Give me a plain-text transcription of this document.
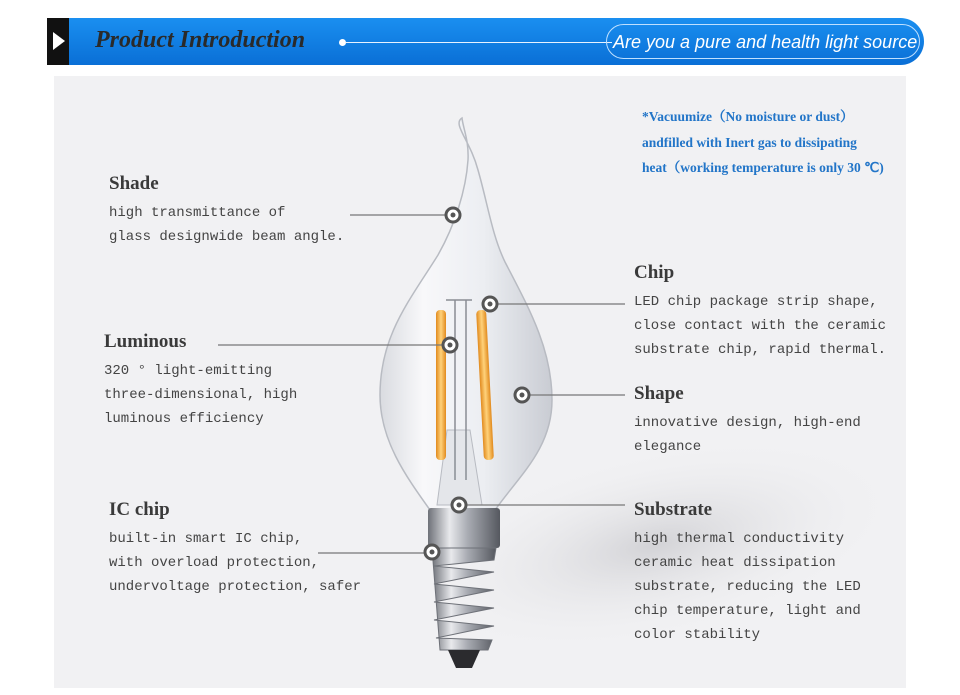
Product Introduction	Are you a pure and health light source
*Vacuumize（No moisture or dust）
andfilled with Inert gas to dissipating
heat（working temperature is only 30 ℃)
Shade
high transmittance of
glass designwide beam angle.
Luminous
320 ° light-emitting
three-dimensional, high
luminous efficiency
IC chip
built-in smart IC chip,
with overload protection,
undervoltage protection, safer
Chip
LED chip package strip shape,
close contact with the ceramic
substrate chip, rapid thermal.
Shape
innovative design, high-end
elegance
Substrate
high thermal conductivity
ceramic heat dissipation
substrate, reducing the LED
chip temperature, light and
color stability
